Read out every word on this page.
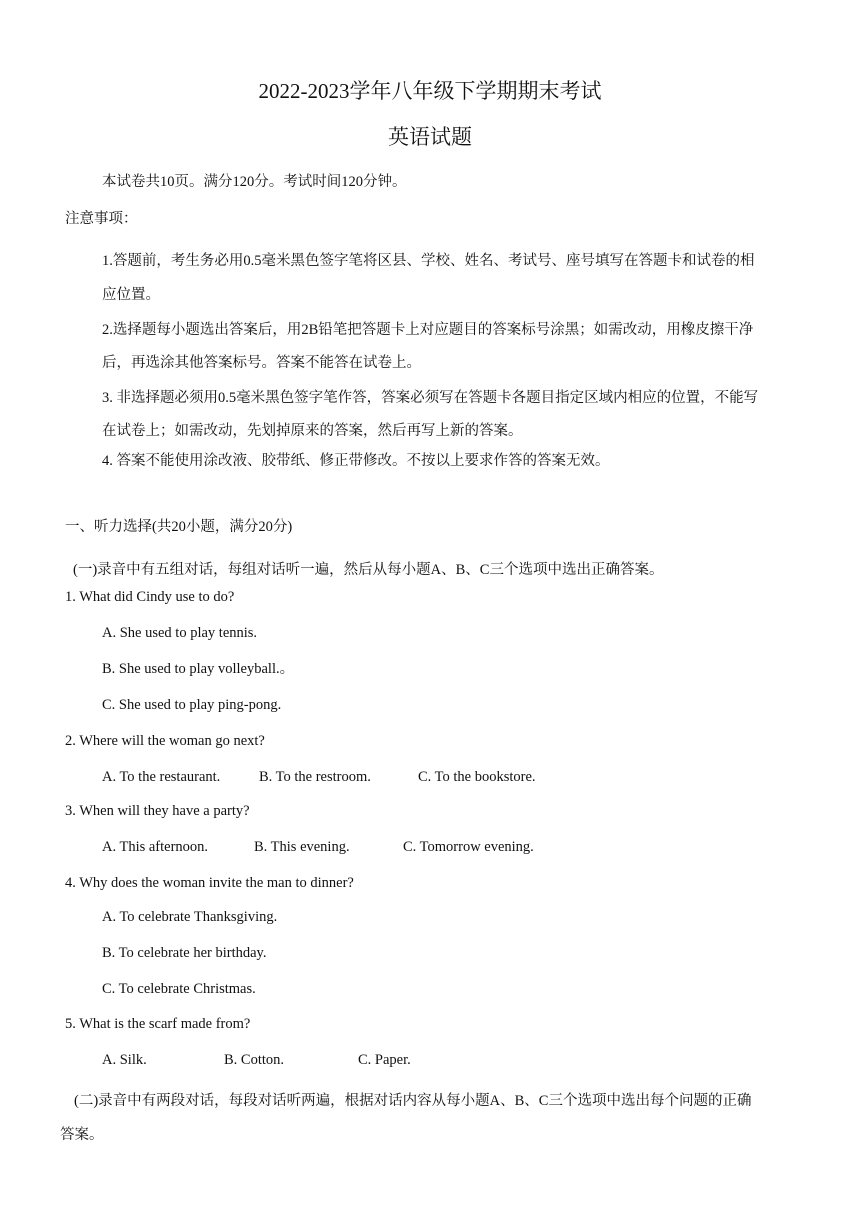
2022-2023学年八年级下学期期末考试
英语试题
本试卷共10页。满分120分。考试时间120分钟。
注意事项：
1.答题前，考生务必用0.5毫米黑色签字笔将区县、学校、姓名、考试号、座号填写在答题卡和试卷的相
应位置。
2.选择题每小题选出答案后，用2B铅笔把答题卡上对应题目的答案标号涂黑；如需改动，用橡皮擦干净
后，再选涂其他答案标号。答案不能答在试卷上。
3. 非选择题必须用0.5毫米黑色签字笔作答，答案必须写在答题卡各题目指定区域内相应的位置，不能写
在试卷上；如需改动，先划掉原来的答案，然后再写上新的答案。
4. 答案不能使用涂改液、胶带纸、修正带修改。不按以上要求作答的答案无效。
一、听力选择(共20小题，满分20分)
(一)录音中有五组对话，每组对话听一遍，然后从每小题A、B、C三个选项中选出正确答案。
1. What did Cindy use to do?
A. She used to play tennis.
B. She used to play volleyball.。
C. She used to play ping-pong.
2. Where will the woman go next?
A. To the restaurant.	B. To the restroom.	C. To the bookstore.
3. When will they have a party?
A. This afternoon.	B. This evening.	C. Tomorrow evening.
4. Why does the woman invite the man to dinner?
A. To celebrate Thanksgiving.
B. To celebrate her birthday.
C. To celebrate Christmas.
5. What is the scarf made from?
A. Silk.	B. Cotton.	C. Paper.
(二)录音中有两段对话，每段对话听两遍，根据对话内容从每小题A、B、C三个选项中选出每个问题的正确
答案。
